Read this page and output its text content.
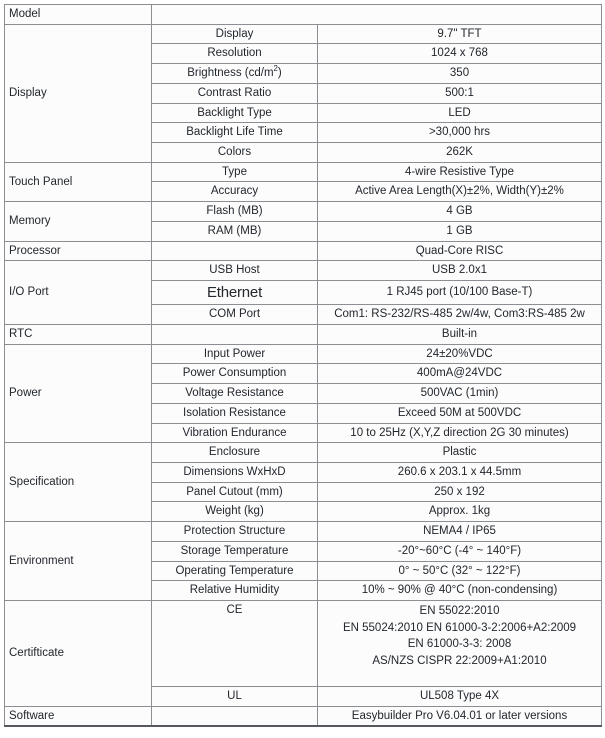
Model		
Display	Display	9.7" TFT
	Resolution	1024 x 768
	Brightness $(cd/m^2)$	350
	Contrast Ratio	500:1
	Backlight Type	LED
	Backlight Life Time	>30,000 hrs
	Colors	262K
Touch Panel	Type	4-wire Resistive Type
	Accuracy	Active Area Length(X)±2%, Width(Y)±2%
Memory	Flash (MB)	4 GB
	RAM (MB)	1 GB
Processor		Quad-Core RISC
I/O Port	USB Host	USB 2.0x1
	Ethernet	1 RJ45 port (10/100 Base-T)
	COM Port	Com1: RS-232/RS-485 2w/4w, Com3:RS-485 2w
RTC		Built-in
Power	Input Power	24±20%VDC
	Power Consumption	400mA@24VDC
	Voltage Resistance	500VAC (1min)
	Isolation Resistance	Exceed 50M at 500VDC
	Vibration Endurance	10 to 25Hz (X,Y,Z direction 2G 30 minutes)
Specification	Enclosure	Plastic
	Dimensions WxHxD	260.6 x 203.1 x 44.5mm
	Panel Cutout (mm)	250 x 192
	Weight (kg)	Approx. 1kg
Environment	Protection Structure	NEMA4 / IP65
	Storage Temperature	-20°~60°C (-4° ~ 140°F)
	Operating Temperature	0° ~ 50°C (32° ~ 122°F)
	Relative Humidity	10% ~ 90% @ 40°C (non-condensing)
Certifticate	CE	EN 55022:2010
EN 55024:2010 EN 61000-3-2:2006+A2:2009
EN 61000-3-3: 2008
AS/NZS CISPR 22:2009+A1:2010

	UL	UL508 Type 4X
Software		Easybuilder Pro V6.04.01 or later versions
